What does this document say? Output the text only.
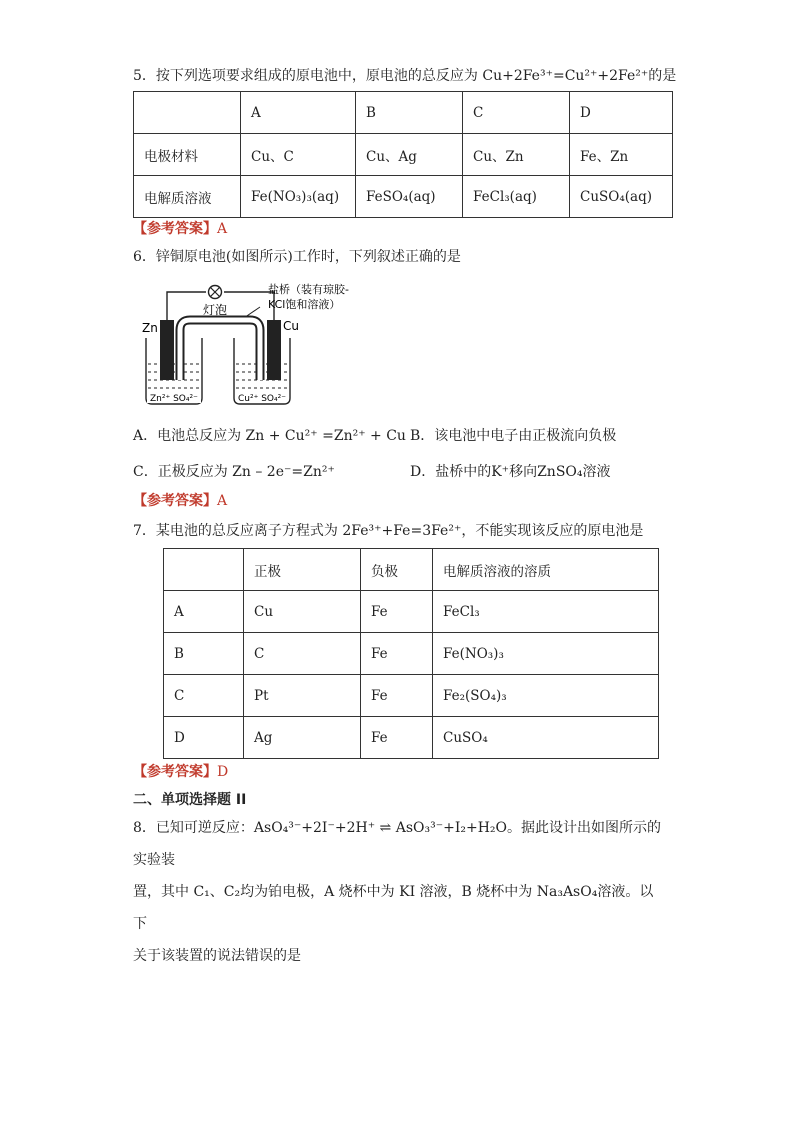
5．按下列选项要求组成的原电池中，原电池的总反应为 Cu+2Fe³⁺=Cu²⁺+2Fe²⁺的是
	A	B	C	D
电极材料	Cu、C	Cu、Ag	Cu、Zn	Fe、Zn
电解质溶液	Fe(NO₃)₃(aq)	FeSO₄(aq)	FeCl₃(aq)	CuSO₄(aq)
【参考答案】A
6．锌铜原电池(如图所示)工作时，下列叙述正确的是
灯泡
盐桥（装有琼胶-
KCl饱和溶液）
Zn²⁺ SO₄²⁻	Cu²⁺ SO₄²⁻
Zn	Cu
A．电池总反应为 Zn + Cu²⁺ =Zn²⁺ + Cu B．该电池中电子由正极流向负极
C．正极反应为 Zn – 2e⁻=Zn²⁺	D．盐桥中的K⁺移向ZnSO₄溶液
【参考答案】A
7．某电池的总反应离子方程式为 2Fe³⁺+Fe=3Fe²⁺，不能实现该反应的原电池是
	正极	负极	电解质溶液的溶质
A	Cu	Fe	FeCl₃
B	C	Fe	Fe(NO₃)₃
C	Pt	Fe	Fe₂(SO₄)₃
D	Ag	Fe	CuSO₄
【参考答案】D
二、单项选择题 II
8．已知可逆反应：AsO₄³⁻+2I⁻+2H⁺ ⇌ AsO₃³⁻+I₂+H₂O。据此设计出如图所示的实验装
置，其中 C₁、C₂均为铂电极，A 烧杯中为 KI 溶液，B 烧杯中为 Na₃AsO₄溶液。以下
关于该装置的说法错误的是
